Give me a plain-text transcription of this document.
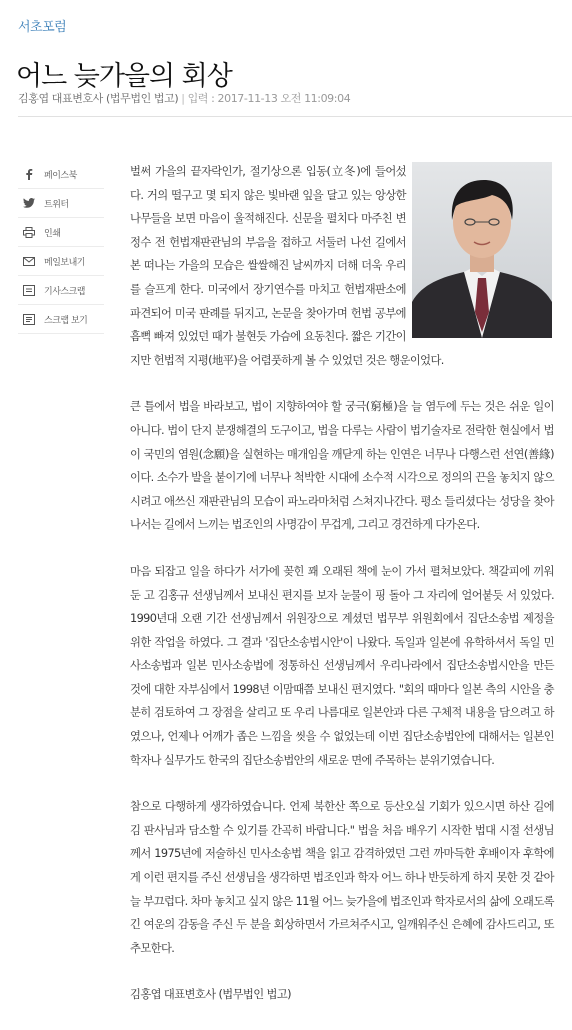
서초포럼
어느 늦가을의 회상
김홍엽 대표변호사 (법무법인 법고) | 입력 : 2017-11-13 오전 11:09:04
페이스북
트위터
인쇄
메일보내기
기사스크랩
스크랩 보기

벌써 가을의 끝자락인가, 절기상으론 입동(立冬)에 들어섰다. 거의 떨구고 몇 되지 않은 빛바랜 잎을 달고 있는 앙상한 나무들을 보면 마음이 울적해진다. 신문을 펼치다 마주친 변정수 전 헌법재판관님의 부음을 접하고 서둘러 나선 길에서 본 떠나는 가을의 모습은 쌀쌀해진 날씨까지 더해 더욱 우리를 슬프게 한다. 미국에서 장기연수를 마치고 헌법재판소에 파견되어 미국 판례를 뒤지고, 논문을 찾아가며 헌법 공부에 흠뻑 빠져 있었던 때가 불현듯 가슴에 요동친다. 짧은 기간이지만 헌법적 지평(地平)을 어렴풋하게 볼 수 있었던 것은 행운이었다.

큰 틀에서 법을 바라보고, 법이 지향하여야 할 궁극(窮極)을 늘 염두에 두는 것은 쉬운 일이 아니다. 법이 단지 분쟁해결의 도구이고, 법을 다루는 사람이 법기술자로 전락한 현실에서 법이 국민의 염원(念願)을 실현하는 매개임을 깨닫게 하는 인연은 너무나 다행스런 선연(善緣)이다. 소수가 발을 붙이기에 너무나 척박한 시대에 소수적 시각으로 정의의 끈을 놓치지 않으시려고 애쓰신 재판관님의 모습이 파노라마처럼 스쳐지나간다. 평소 들리셨다는 성당을 찾아나서는 길에서 느끼는 법조인의 사명감이 무겁게, 그리고 경건하게 다가온다.

마음 되잡고 일을 하다가 서가에 꽂힌 꽤 오래된 책에 눈이 가서 펼쳐보았다. 책갈피에 끼워 둔 고 김홍규 선생님께서 보내신 편지를 보자 눈물이 핑 돌아 그 자리에 얼어붙듯 서 있었다. 1990년대 오랜 기간 선생님께서 위원장으로 계셨던 법무부 위원회에서 집단소송법 제정을 위한 작업을 하였다. 그 결과 '집단소송법시안'이 나왔다. 독일과 일본에 유학하셔서 독일 민사소송법과 일본 민사소송법에 정통하신 선생님께서 우리나라에서 집단소송법시안을 만든 것에 대한 자부심에서 1998년 이맘때쯤 보내신 편지였다. "회의 때마다 일본 측의 시안을 충분히 검토하여 그 장점을 살리고 또 우리 나름대로 일본안과 다른 구체적 내용을 담으려고 하였으나, 언제나 어깨가 좁은 느낌을 씻을 수 없었는데 이번 집단소송법안에 대해서는 일본인 학자나 실무가도 한국의 집단소송법안의 새로운 면에 주목하는 분위기였습니다.

참으로 다행하게 생각하였습니다. 언제 북한산 쪽으로 등산오실 기회가 있으시면 하산 길에 김 판사님과 담소할 수 있기를 간곡히 바랍니다." 법을 처음 배우기 시작한 법대 시절 선생님께서 1975년에 저술하신 민사소송법 책을 읽고 감격하였던 그런 까마득한 후배이자 후학에게 이런 편지를 주신 선생님을 생각하면 법조인과 학자 어느 하나 반듯하게 하지 못한 것 같아 늘 부끄럽다. 차마 놓치고 싶지 않은 11월 어느 늦가을에 법조인과 학자로서의 삶에 오래도록 긴 여운의 감동을 주신 두 분을 회상하면서 가르쳐주시고, 일깨워주신 은혜에 감사드리고, 또 추모한다.

김홍엽 대표변호사 (법무법인 법고)
